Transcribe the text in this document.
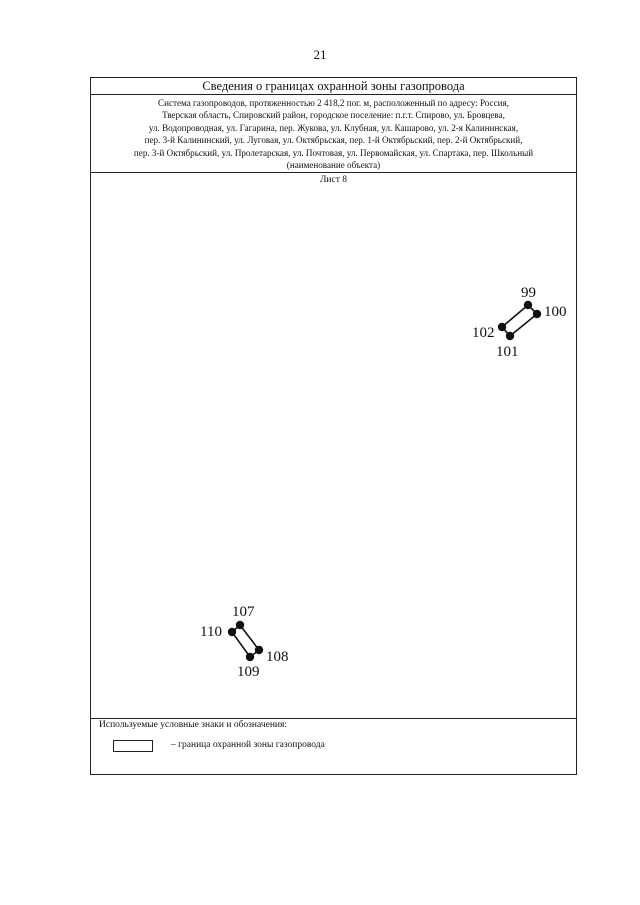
21
Сведения о границах охранной зоны газопровода
Система газопроводов, протяженностью 2 418,2 пог. м, расположенный по адресу: Россия,
Тверская область, Спировский район, городское поселение: п.г.т. Спирово, ул. Бровцева,
ул. Водопроводная, ул. Гагарина, пер. Жукова, ул. Клубная, ул. Кашарово, ул. 2-я Калининская,
пер. 3-й Калининский, ул. Луговая, ул. Октябрьская, пер. 1-й Октябрьский, пер. 2-й Октябрьский,
пер. 3-й Октябрьский, ул. Пролетарская, ул. Почтовая, ул. Первомайская, ул. Спартака, пер. Школьный
(наименование объекта)
Лист 8
Используемые условные знаки и обозначения:
– граница охранной зоны газопровода
99
100
101
102
107
108
109
110
